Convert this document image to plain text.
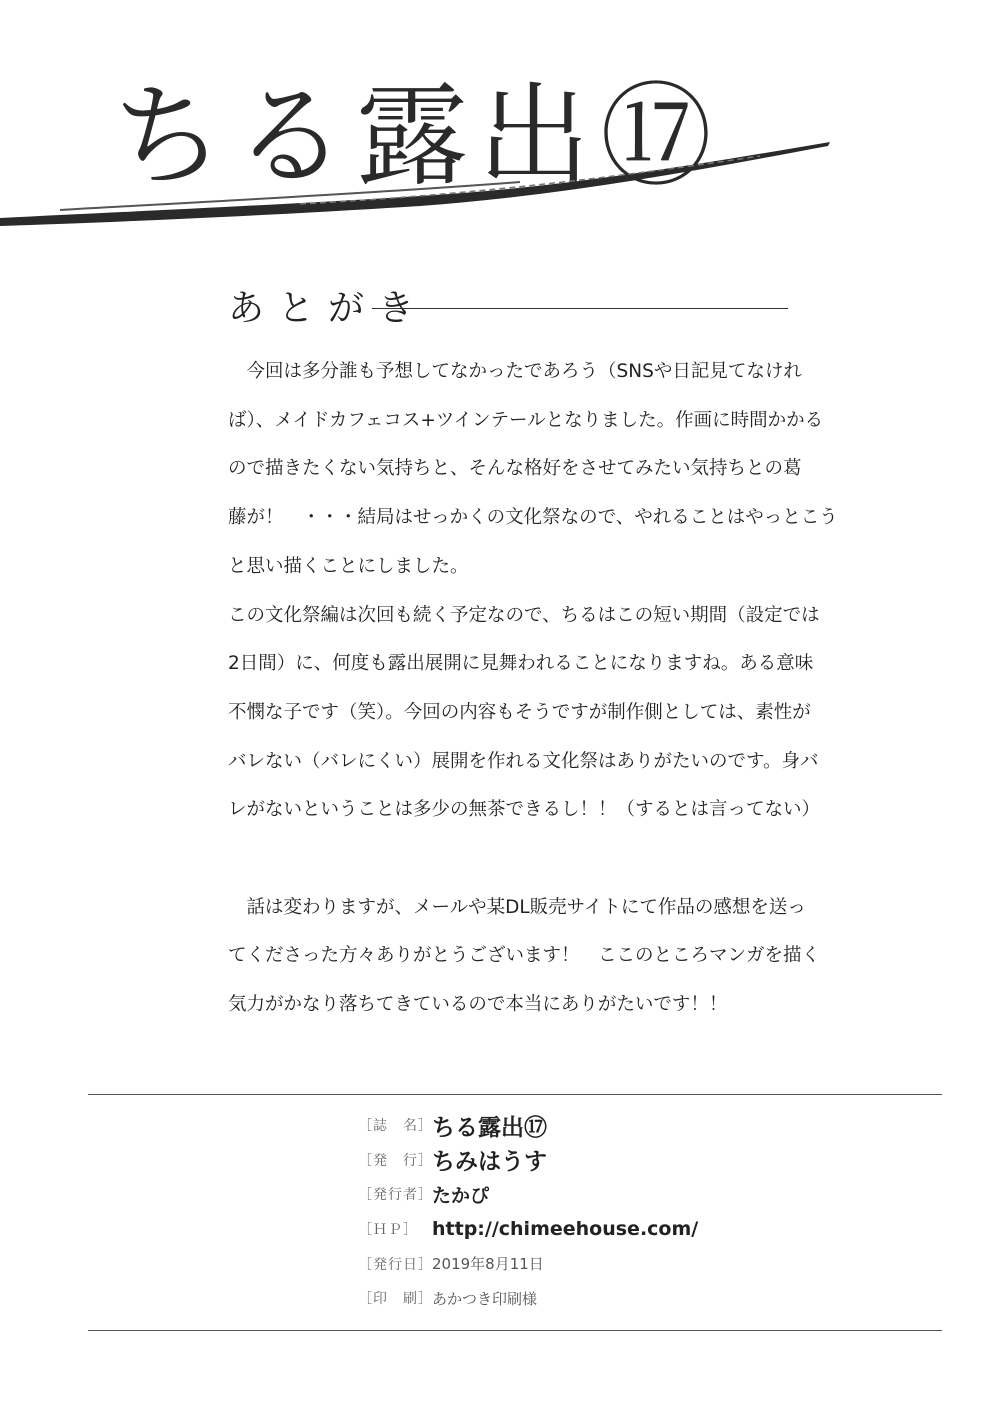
ちる露出⑰
あとがき

　今回は多分誰も予想してなかったであろう（SNSや日記見てなけれ
ば）、メイドカフェコス+ツインテールとなりました。作画に時間かかる
ので描きたくない気持ちと、そんな格好をさせてみたい気持ちとの葛
藤が！　・・・結局はせっかくの文化祭なので、やれることはやっとこう
と思い描くことにしました。
この文化祭編は次回も続く予定なので、ちるはこの短い期間（設定では
2日間）に、何度も露出展開に見舞われることになりますね。ある意味
不憫な子です（笑）。今回の内容もそうですが制作側としては、素性が
バレない（バレにくい）展開を作れる文化祭はありがたいのです。身バ
レがないということは多少の無茶できるし！！（するとは言ってない）

　話は変わりますが、メールや某DL販売サイトにて作品の感想を送っ
てくださった方々ありがとうございます！　ここのところマンガを描く
気力がかなり落ちてきているので本当にありがたいです！！

［誌　名］ ちる露出⑰
［発　行］ ちみはうす
［発行者］ たかぴ
［ＨＰ］ http://chimeehouse.com/
［発行日］ 2019年8月11日
［印　刷］ あかつき印刷様
